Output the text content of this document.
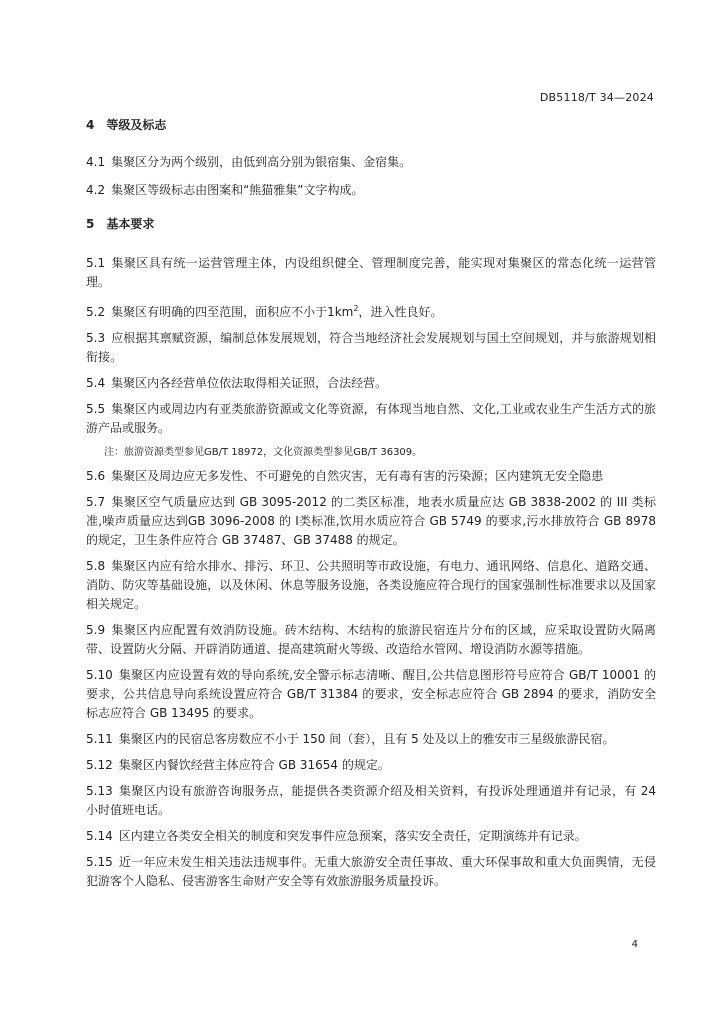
DB5118/T 34—2024
4　等级及标志

4.1 集聚区分为两个级别，由低到高分别为银宿集、金宿集。

4.2 集聚区等级标志由图案和“熊猫雅集”文字构成。

5　基本要求

5.1 集聚区具有统一运营管理主体，内设组织健全、管理制度完善，能实现对集聚区的常态化统一运营管理。

5.2 集聚区有明确的四至范围，面积应不小于$1km^2$，进入性良好。

5.3 应根据其禀赋资源，编制总体发展规划，符合当地经济社会发展规划与国土空间规划，并与旅游规划相衔接。

5.4 集聚区内各经营单位依法取得相关证照，合法经营。

5.5 集聚区内或周边内有亚类旅游资源或文化等资源，有体现当地自然、文化,工业或农业生产生活方式的旅游产品或服务。

注：旅游资源类型参见GB/T 18972，文化资源类型参见GB/T 36309。

5.6 集聚区及周边应无多发性、不可避免的自然灾害，无有毒有害的污染源；区内建筑无安全隐患

5.7 集聚区空气质量应达到 GB 3095-2012 的二类区标准，地表水质量应达 GB 3838-2002 的 III 类标准,噪声质量应达到GB 3096-2008 的 I类标准,饮用水质应符合 GB 5749 的要求,污水排放符合 GB 8978 的规定，卫生条件应符合 GB 37487、GB 37488 的规定。

5.8 集聚区内应有给水排水、排污、环卫、公共照明等市政设施，有电力、通讯网络、信息化、道路交通、消防、防灾等基础设施，以及休闲、休息等服务设施，各类设施应符合现行的国家强制性标准要求以及国家相关规定。

5.9 集聚区内应配置有效消防设施。砖木结构、木结构的旅游民宿连片分布的区域，应采取设置防火隔离带、设置防火分隔、开辟消防通道、提高建筑耐火等级、改造给水管网、增设消防水源等措施。

5.10 集聚区内应设置有效的导向系统,安全警示标志清晰、醒目,公共信息图形符号应符合 GB/T 10001 的要求，公共信息导向系统设置应符合 GB/T 31384 的要求，安全标志应符合 GB 2894 的要求，消防安全标志应符合 GB 13495 的要求。

5.11 集聚区内的民宿总客房数应不小于 150 间（套），且有 5 处及以上的雅安市三星级旅游民宿。

5.12 集聚区内餐饮经营主体应符合 GB 31654 的规定。

5.13 集聚区内设有旅游咨询服务点，能提供各类资源介绍及相关资料，有投诉处理通道并有记录，有 24 小时值班电话。

5.14 区内建立各类安全相关的制度和突发事件应急预案，落实安全责任，定期演练并有记录。

5.15 近一年应未发生相关违法违规事件。无重大旅游安全责任事故、重大环保事故和重大负面舆情，无侵犯游客个人隐私、侵害游客生命财产安全等有效旅游服务质量投诉。

4
